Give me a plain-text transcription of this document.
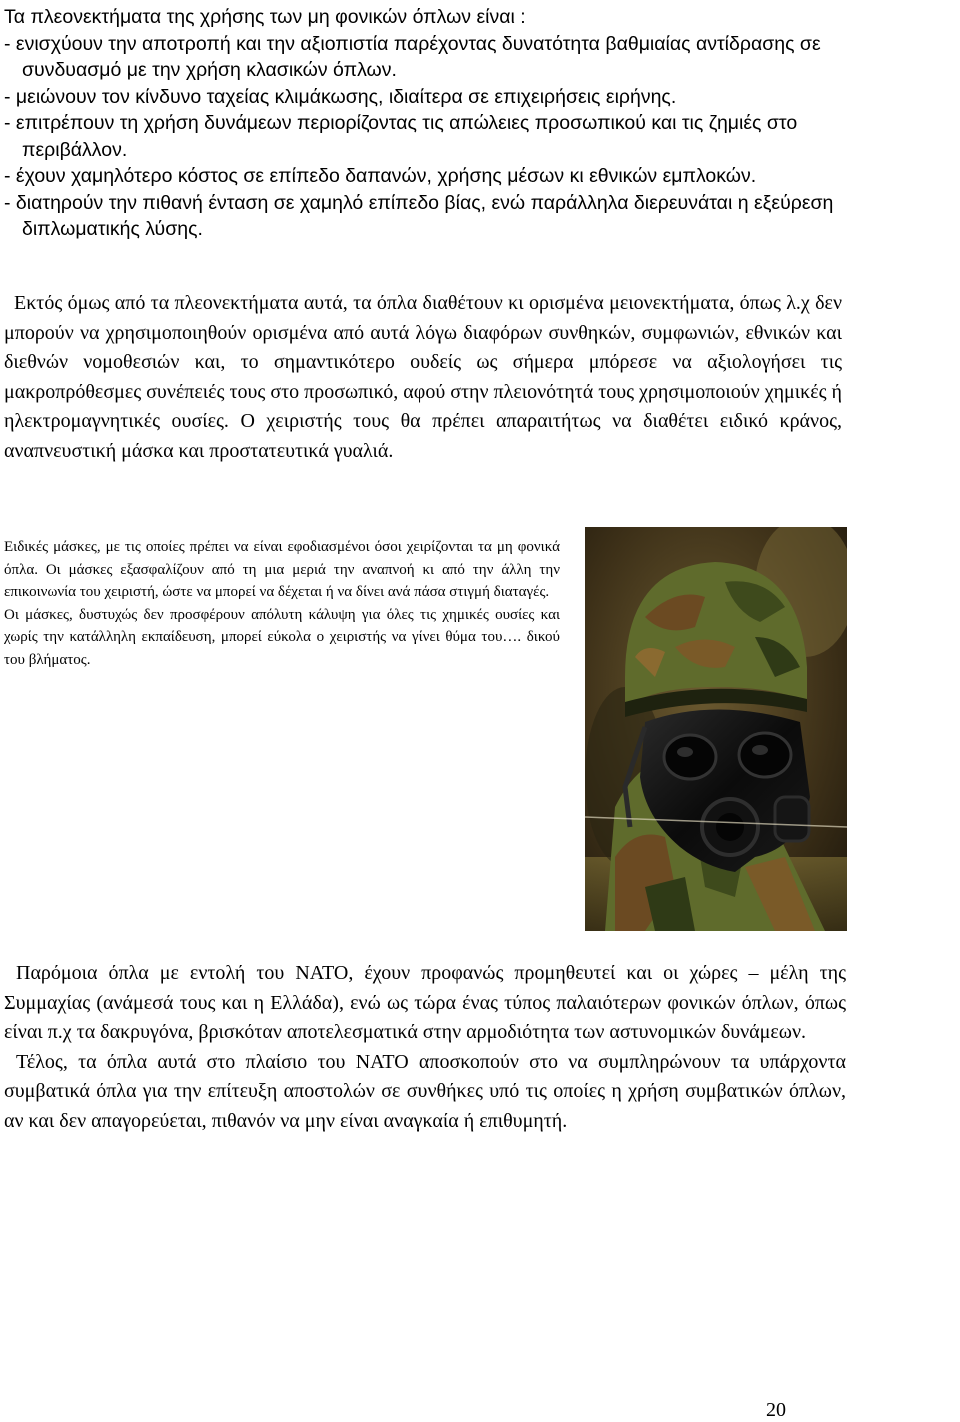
Τα πλεονεκτήματα της χρήσης των μη φονικών όπλων είναι :

- ενισχύουν την αποτροπή και την αξιοπιστία παρέχοντας δυνατότητα βαθμιαίας αντίδρασης σε συνδυασμό με την χρήση κλασικών όπλων.
- μειώνουν τον κίνδυνο ταχείας κλιμάκωσης, ιδιαίτερα σε επιχειρήσεις ειρήνης.
- επιτρέπουν τη χρήση δυνάμεων περιορίζοντας τις απώλειες προσωπικού και τις ζημιές στο περιβάλλον.
- έχουν χαμηλότερο κόστος σε επίπεδο δαπανών, χρήσης μέσων κι εθνικών εμπλοκών.
- διατηρούν την πιθανή ένταση σε χαμηλό επίπεδο βίας, ενώ παράλληλα διερευνάται η εξεύρεση διπλωματικής λύσης.

Εκτός όμως από τα πλεονεκτήματα αυτά, τα όπλα διαθέτουν κι ορισμένα μειονεκτήματα, όπως λ.χ δεν μπορούν να χρησιμοποιηθούν ορισμένα από αυτά λόγω διαφόρων συνθηκών, συμφωνιών, εθνικών και διεθνών νομοθεσιών και, το σημαντικότερο ουδείς ως σήμερα μπόρεσε να αξιολογήσει τις μακροπρόθεσμες συνέπειές τους στο προσωπικό, αφού στην πλειονότητά τους χρησιμοποιούν χημικές ή ηλεκτρομαγνητικές ουσίες. Ο χειριστής τους θα πρέπει απαραιτήτως να διαθέτει ειδικό κράνος, αναπνευστική μάσκα και προστατευτικά γυαλιά.

Ειδικές μάσκες, με τις οποίες πρέπει να είναι εφοδιασμένοι όσοι χειρίζονται τα μη φονικά όπλα. Οι μάσκες εξασφαλίζουν από τη μια μεριά την αναπνοή κι από την άλλη την επικοινωνία του χειριστή, ώστε να μπορεί να δέχεται ή να δίνει ανά πάσα στιγμή διαταγές.
Οι μάσκες, δυστυχώς δεν προσφέρουν απόλυτη κάλυψη για όλες τις χημικές ουσίες και χωρίς την κατάλληλη εκπαίδευση, μπορεί εύκολα ο χειριστής να γίνει θύμα του…. δικού του βλήματος.

Παρόμοια όπλα με εντολή του ΝΑΤΟ, έχουν προφανώς προμηθευτεί και οι χώρες – μέλη της Συμμαχίας (ανάμεσά τους και η Ελλάδα), ενώ ως τώρα ένας τύπος παλαιότερων φονικών όπλων, όπως είναι π.χ τα δακρυγόνα, βρισκόταν αποτελεσματικά στην αρμοδιότητα των αστυνομικών δυνάμεων.
Τέλος, τα όπλα αυτά στο πλαίσιο του ΝΑΤΟ αποσκοπούν στο να συμπληρώνουν τα υπάρχοντα συμβατικά όπλα για την επίτευξη αποστολών σε συνθήκες υπό τις οποίες η χρήση συμβατικών όπλων, αν και δεν απαγορεύεται, πιθανόν να μην είναι αναγκαία ή επιθυμητή.

20
